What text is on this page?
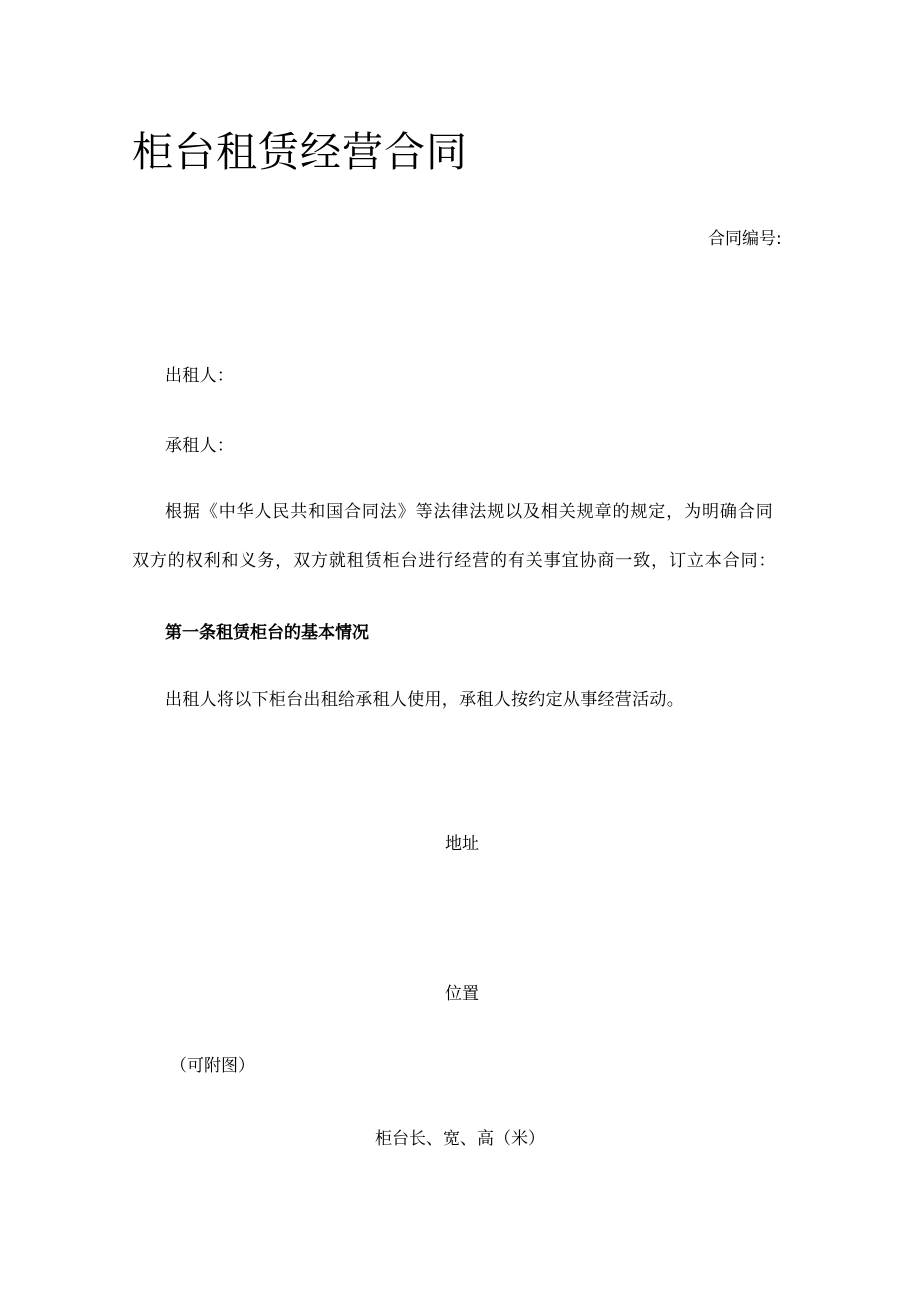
柜台租赁经营合同
合同编号:
出租人：
承租人：
根据《中华人民共和国合同法》等法律法规以及相关规章的规定，为明确合同
双方的权利和义务，双方就租赁柜台进行经营的有关事宜协商一致，订立本合同：
第一条租赁柜台的基本情况
出租人将以下柜台出租给承租人使用，承租人按约定从事经营活动。
地址
位置
（可附图）
柜台长、宽、高（米）
